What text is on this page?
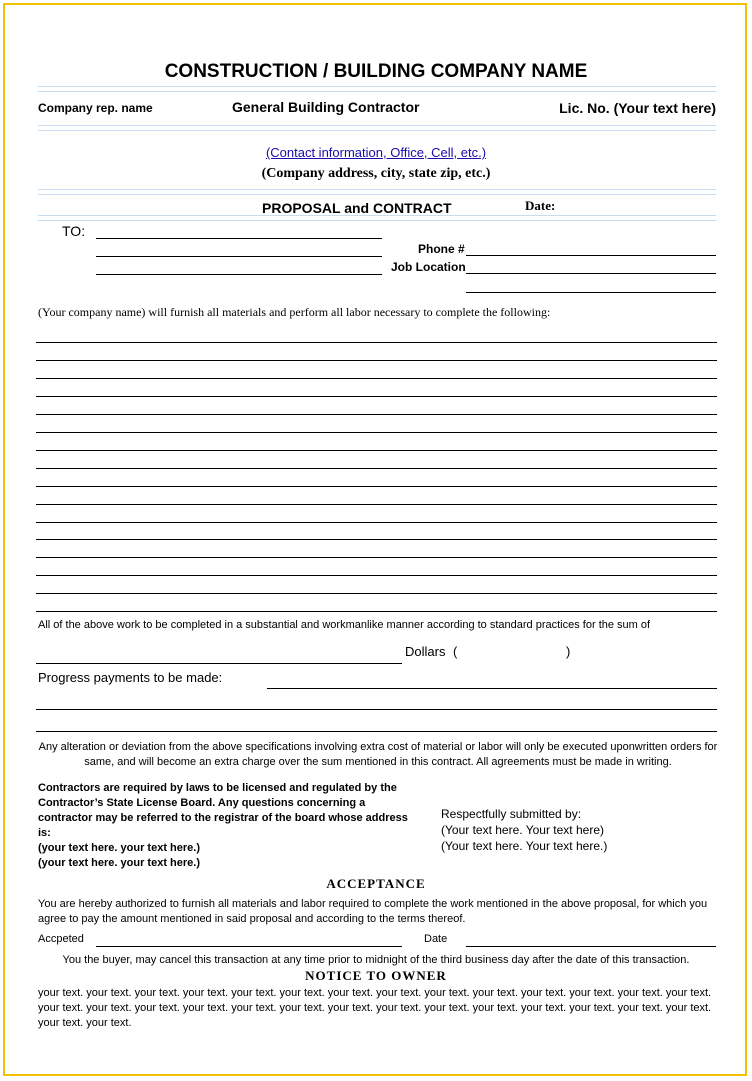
CONSTRUCTION / BUILDING COMPANY NAME
Company rep. name	General Building Contractor	Lic. No. (Your text here)
(Contact information, Office, Cell, etc.)
(Company address, city, state zip, etc.)
PROPOSAL and CONTRACT	Date:
TO:
Phone #
Job Location
(Your company name) will furnish all materials and perform all labor necessary to complete the following:
All of the above work to be completed in a substantial and workmanlike manner according to standard practices for the sum of
Dollars (	)
Progress payments to be made:
Any alteration or deviation from the above specifications involving extra cost of material or labor will only be executed uponwritten orders for same, and will become an extra charge over the sum mentioned in this contract. All agreements must be made in writing.
Contractors are required by laws to be licensed and regulated by the Contractor’s State License Board. Any questions concerning a contractor may be referred to the registrar of the board whose address is:
(your text here. your text here.)
(your text here. your text here.)
Respectfully submitted by:
(Your text here. Your text here)
(Your text here. Your text here.)
ACCEPTANCE
You are hereby authorized to furnish all materials and labor required to complete the work mentioned in the above proposal, for which you agree to pay the amount mentioned in said proposal and according to the terms thereof.
Accpeted	Date
You the buyer, may cancel this transaction at any time prior to midnight of the third business day after the date of this transaction.
NOTICE TO OWNER
your text. your text. your text. your text. your text. your text. your text. your text. your text. your text. your text. your text. your text. your text. your text. your text. your text. your text. your text. your text. your text. your text. your text. your text. your text. your text. your text. your text. your text. your text.
